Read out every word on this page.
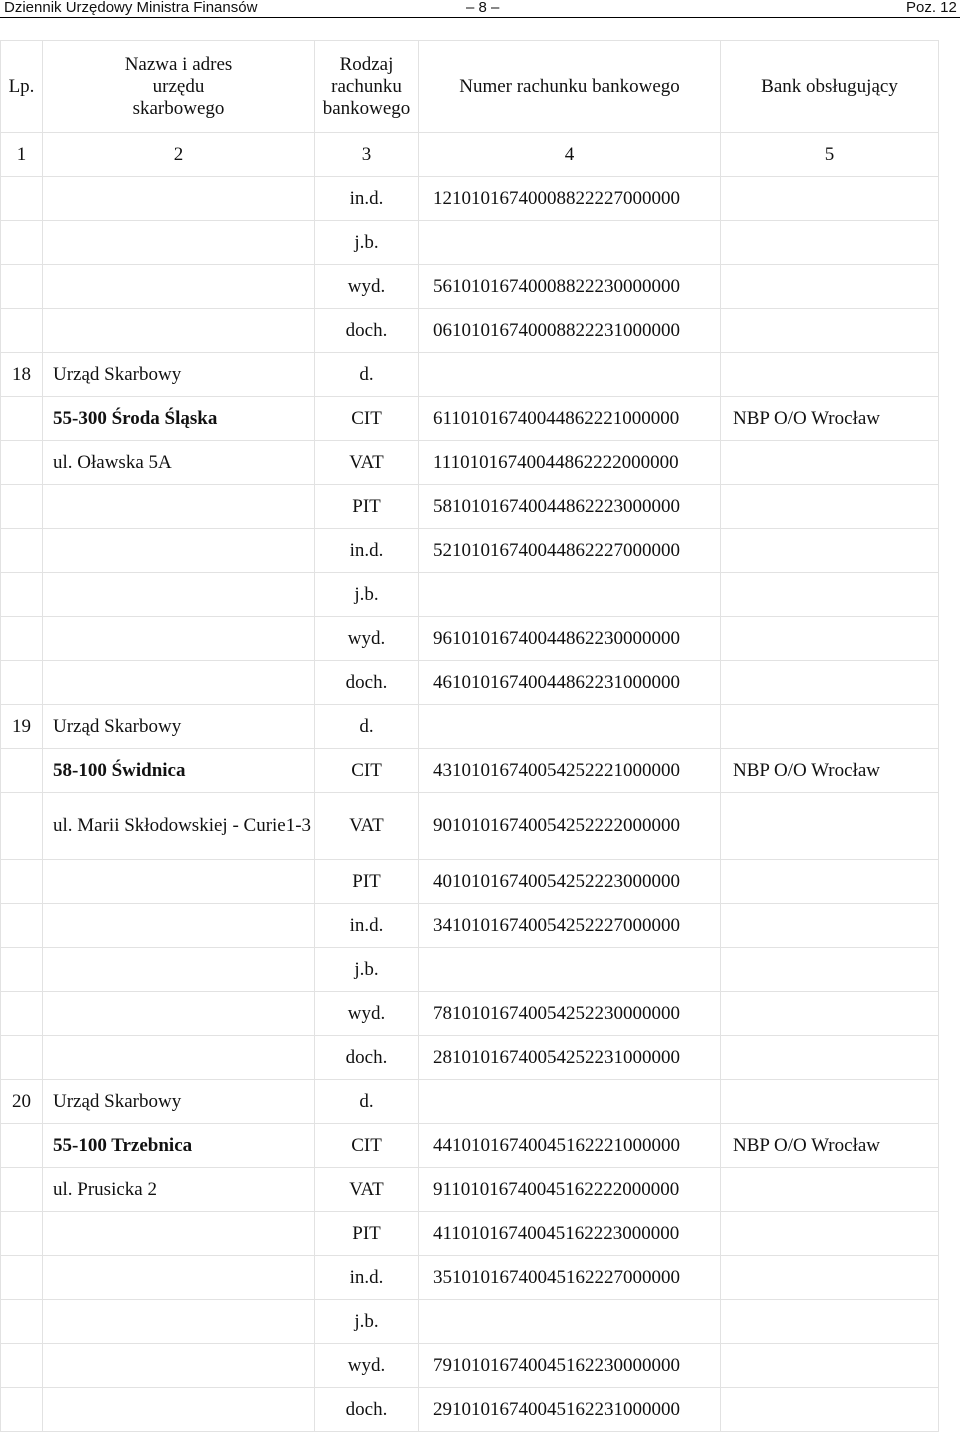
Dziennik Urzędowy Ministra Finansów	– 8 –	Poz. 12
Lp.	Nazwa i adres urzędu skarbowego	Rodzaj rachunku bankowego	Numer rachunku bankowego	Bank obsługujący
1	2	3	4	5
		in.d.	12101016740008822227000000	
		j.b.		
		wyd.	56101016740008822230000000	
		doch.	06101016740008822231000000	
18	Urząd Skarbowy	d.		
	55-300 Środa Śląska	CIT	61101016740044862221000000	NBP O/O Wrocław
	ul. Oławska 5A	VAT	11101016740044862222000000	
		PIT	58101016740044862223000000	
		in.d.	52101016740044862227000000	
		j.b.		
		wyd.	96101016740044862230000000	
		doch.	46101016740044862231000000	
19	Urząd Skarbowy	d.		
	58-100 Świdnica	CIT	43101016740054252221000000	NBP O/O Wrocław
	ul. Marii Skłodowskiej - Curie1-3	VAT	90101016740054252222000000	
		PIT	40101016740054252223000000	
		in.d.	34101016740054252227000000	
		j.b.		
		wyd.	78101016740054252230000000	
		doch.	28101016740054252231000000	
20	Urząd Skarbowy	d.		
	55-100 Trzebnica	CIT	44101016740045162221000000	NBP O/O Wrocław
	ul. Prusicka 2	VAT	91101016740045162222000000	
		PIT	41101016740045162223000000	
		in.d.	35101016740045162227000000	
		j.b.		
		wyd.	79101016740045162230000000	
		doch.	29101016740045162231000000	
